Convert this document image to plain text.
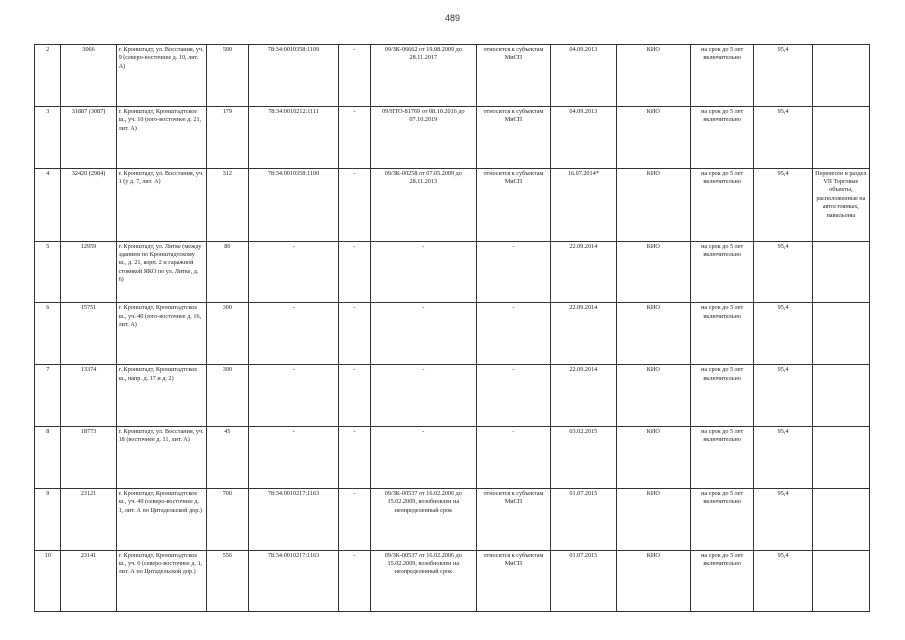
489
2	3066	г. Кронштадт, ул. Восстания, уч. 9 (северо-восточнее д. 10, лит. А)	500	78:34:0010358:1109	-	09/ЗК-06662 от 19.08.2009 до 28.11.2017	относится к субъектам МиСП	04.09.2013	КИО	на срок до 5 лет включительно	95,4	
3	31887 (3087)	г. Кронштадт, Кронштадтское ш., уч. 10 (юго-восточнее д. 21, лит. А)	179	78:34:0010212:1111	-	09/НТО-81769 от 08.10.2016 до 07.10.2019	относится к субъектам МиСП	04.09.2013	КИО	на срок до 5 лет включительно	95,4	
4	32420 (2984)	г. Кронштадт, ул. Восстания, уч. 1 (у д. 7, лит. А)	312	78:34:0010358:1100	-	09/ЗК-00258 от 07.05.2009 до 28.11.2013	относится к субъектам МиСП	16.07.2014*	КИО	на срок до 5 лет включительно	95,4	Перенесен в раздел VII Торговые объекты, расположенные на автостоянках, павильоны
5	12959	г. Кронштадт, ул. Литке (между зданием по Кронштадтскому ш., д. 21, корп. 2 и гаражной стоянкой ЯКО по ул. Литке, д. 6)	80	-	-	-	-	22.09.2014	КИО	на срок до 5 лет включительно	95,4	
6	15751	г. Кронштадт, Кронштадтское ш., уч. 40 (юго-восточнее д. 16, лит. А)	300	-	-	-	-	22.09.2014	КИО	на срок до 5 лет включительно	95,4	
7	13374	г. Кронштадт, Кронштадтское ш., напр. д. 17 и д. 2)	300	-	-	-	-	22.09.2014	КИО	на срок до 5 лет включительно	95,4	
8	18773	г. Кронштадт, ул. Восстания, уч. 18 (восточнее д. 11, лит. А)	45	-	-	-	-	03.02.2015	КИО	на срок до 5 лет включительно	95,4	
9	23121	г. Кронштадт, Кронштадтское ш., уч. 49 (северо-восточнее д. 1, лит. А по Цитадельской дор.)	700	78:34:0010217:1163	-	09/ЗК-00537 от 16.02.2006 до 15.02.2009, возобновлен на неопределенный срок	относится к субъектам МиСП	01.07.2015	КИО	на срок до 5 лет включительно	95,4	
10	23141	г. Кронштадт, Кронштадтское ш., уч. 6 (северо-восточнее д. 1, лит. А по Цитадельской дор.)	556	78:34:0010217:1163	-	09/ЗК-00537 от 16.02.2006 до 15.02.2009, возобновлен на неопределенный срок	относится к субъектам МиСП	01.07.2015	КИО	на срок до 5 лет включительно	95,4	
